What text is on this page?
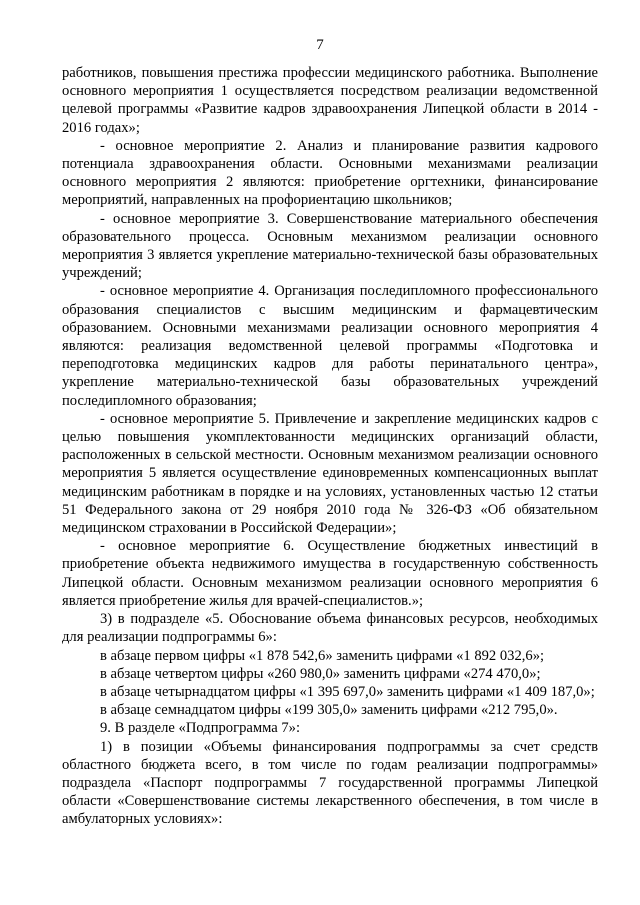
7

работников, повышения престижа профессии медицинского работника. Выполнение основного мероприятия 1 осуществляется посредством реализации ведомственной целевой программы «Развитие кадров здравоохранения Липецкой области в 2014 - 2016 годах»;

- основное мероприятие 2. Анализ и планирование развития кадрового потенциала здравоохранения области. Основными механизмами реализации основного мероприятия 2 являются: приобретение оргтехники, финансирование мероприятий, направленных на профориентацию школьников;

- основное мероприятие 3. Совершенствование материального обеспечения образовательного процесса. Основным механизмом реализации основного мероприятия 3 является укрепление материально-технической базы образовательных учреждений;

- основное мероприятие 4. Организация последипломного профессионального образования специалистов с высшим медицинским и фармацевтическим образованием. Основными механизмами реализации основного мероприятия 4 являются: реализация ведомственной целевой программы «Подготовка и переподготовка медицинских кадров для работы перинатального центра», укрепление материально-технической базы образовательных учреждений последипломного образования;

- основное мероприятие 5. Привлечение и закрепление медицинских кадров с целью повышения укомплектованности медицинских организаций области, расположенных в сельской местности. Основным механизмом реализации основного мероприятия 5 является осуществление единовременных компенсационных выплат медицинским работникам в порядке и на условиях, установленных частью 12 статьи 51 Федерального закона от 29 ноября 2010 года № 326-ФЗ «Об обязательном медицинском страховании в Российской Федерации»;

- основное мероприятие 6. Осуществление бюджетных инвестиций в приобретение объекта недвижимого имущества в государственную собственность Липецкой области. Основным механизмом реализации основного мероприятия 6 является приобретение жилья для врачей-специалистов.»;

3) в подразделе «5. Обоснование объема финансовых ресурсов, необходимых для реализации подпрограммы 6»:

в абзаце первом цифры «1 878 542,6» заменить цифрами «1 892 032,6»;

в абзаце четвертом цифры «260 980,0» заменить цифрами «274 470,0»;

в абзаце четырнадцатом цифры «1 395 697,0» заменить цифрами «1 409 187,0»;

в абзаце семнадцатом цифры «199 305,0» заменить цифрами «212 795,0».

9. В разделе «Подпрограмма 7»:

1) в позиции «Объемы финансирования подпрограммы за счет средств областного бюджета всего, в том числе по годам реализации подпрограммы» подраздела «Паспорт подпрограммы 7 государственной программы Липецкой области «Совершенствование системы лекарственного обеспечения, в том числе в амбулаторных условиях»:
